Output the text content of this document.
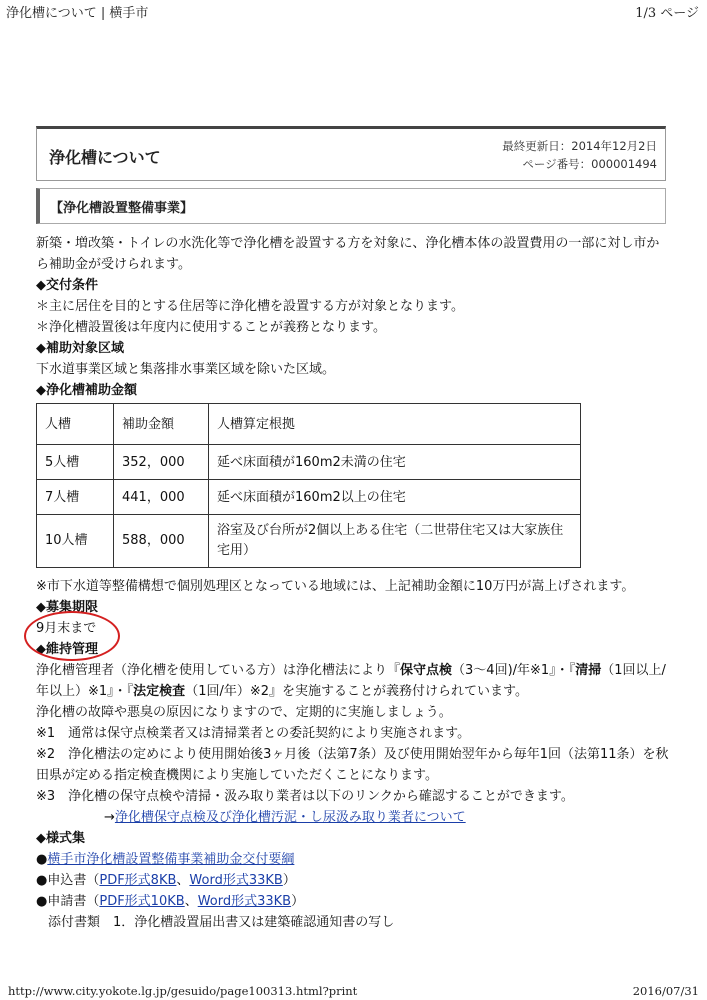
浄化槽について | 横手市	1/3 ページ
浄化槽について
最終更新日：2014年12月2日
ページ番号：000001494
【浄化槽設置整備事業】

新築・増改築・トイレの水洗化等で浄化槽を設置する方を対象に、浄化槽本体の設置費用の一部に対し市から補助金が受けられます。

◆交付条件

＊主に居住を目的とする住居等に浄化槽を設置する方が対象となります。

＊浄化槽設置後は年度内に使用することが義務となります。

◆補助対象区域

下水道事業区域と集落排水事業区域を除いた区域。

◆浄化槽補助金額

人槽	補助金額	人槽算定根拠
5人槽	352，000	延べ床面積が160m2未満の住宅
7人槽	441，000	延べ床面積が160m2以上の住宅
10人槽	588，000	浴室及び台所が2個以上ある住宅（二世帯住宅又は大家族住宅用）

※市下水道等整備構想で個別処理区となっている地域には、上記補助金額に10万円が嵩上げされます。

◆募集期限

9月末まで

◆維持管理

浄化槽管理者（浄化槽を使用している方）は浄化槽法により『保守点検（3～4回)/年※1』・『清掃（1回以上/年以上）※1』・『法定検査（1回/年）※2』を実施することが義務付けられています。

浄化槽の故障や悪臭の原因になりますので、定期的に実施しましょう。

※1　通常は保守点検業者又は清掃業者との委託契約により実施されます。

※2　浄化槽法の定めにより使用開始後3ヶ月後（法第7条）及び使用開始翌年から毎年1回（法第11条）を秋田県が定める指定検査機関により実施していただくことになります。

※3　浄化槽の保守点検や清掃・汲み取り業者は以下のリンクから確認することができます。

→浄化槽保守点検及び浄化槽汚泥・し尿汲み取り業者について

◆様式集

●横手市浄化槽設置整備事業補助金交付要綱

●申込書（PDF形式8KB、Word形式33KB）

●申請書（PDF形式10KB、Word形式33KB）

添付書類　1．浄化槽設置届出書又は建築確認通知書の写し

http://www.city.yokote.lg.jp/gesuido/page100313.html?print	2016/07/31
